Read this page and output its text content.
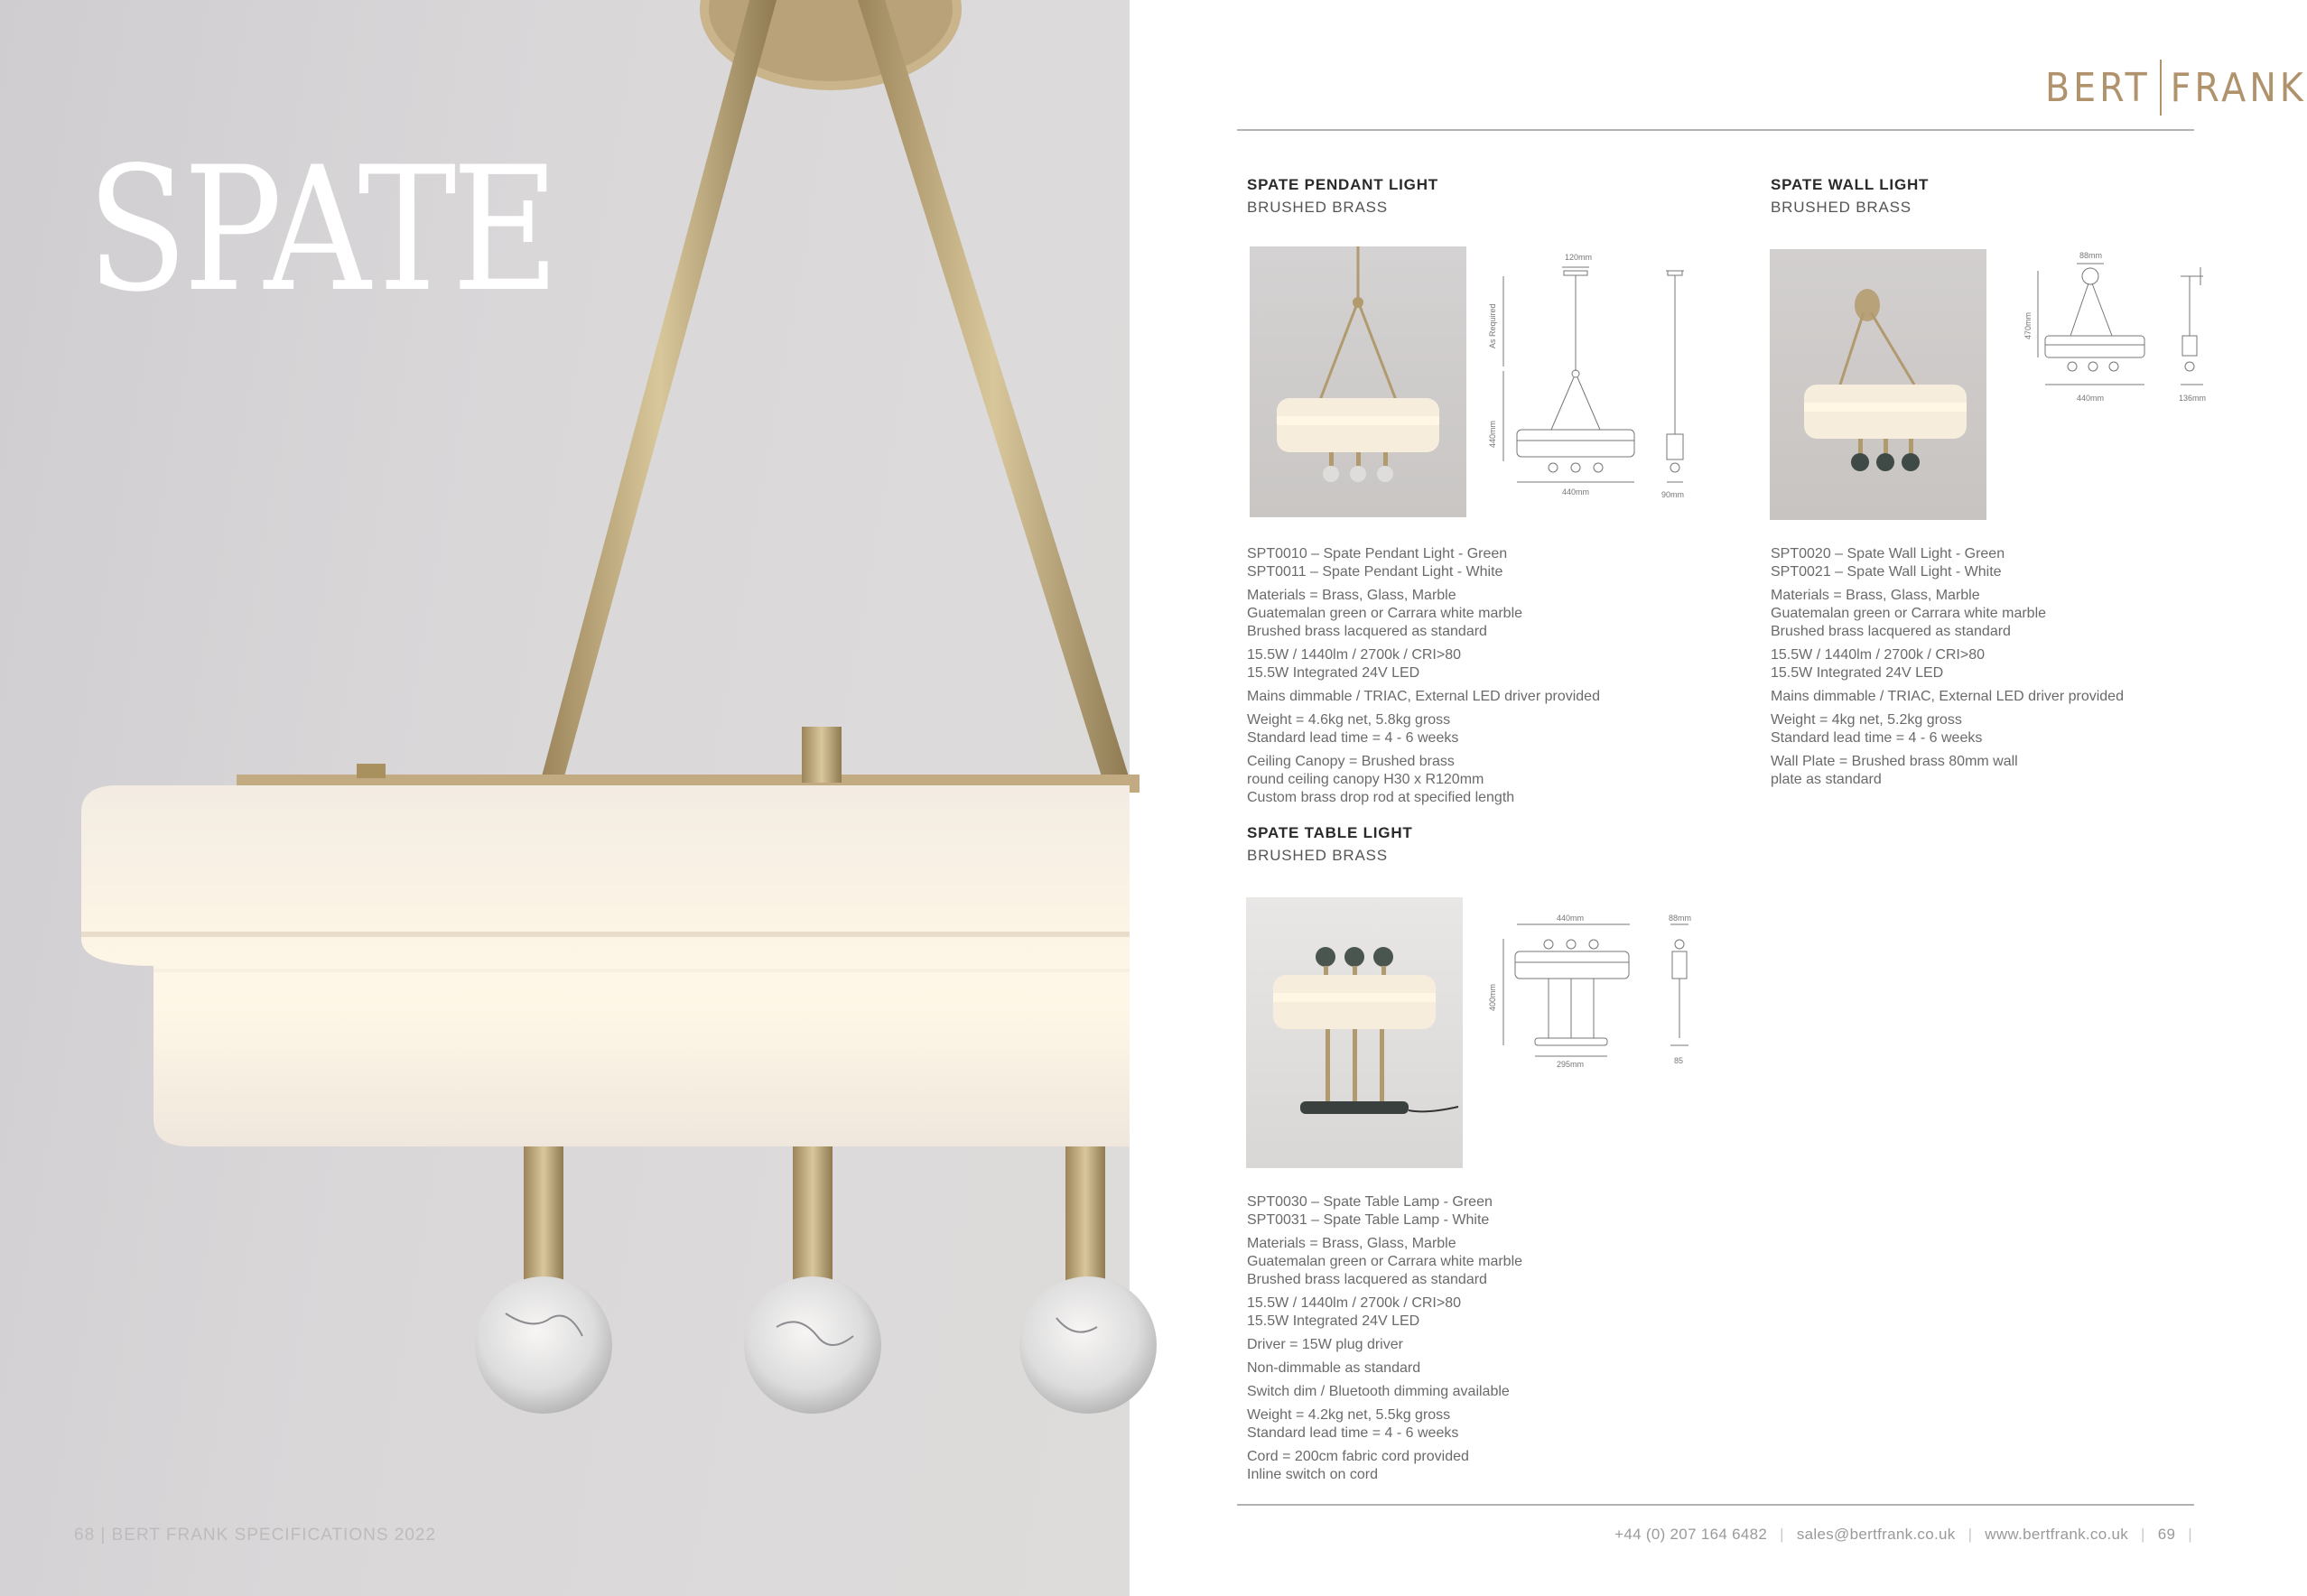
SPATE
68 | BERT FRANK SPECIFICATIONS 2022
BERT FRANK
SPATE PENDANT LIGHT
BRUSHED BRASS
120mm
As Required
440mm
440mm	90mm

SPT0010 – Spate Pendant Light - Green
SPT0011 – Spate Pendant Light - White

Materials = Brass, Glass, Marble
Guatemalan green or Carrara white marble
Brushed brass lacquered as standard

15.5W / 1440lm / 2700k / CRI>80
15.5W Integrated 24V LED

Mains dimmable / TRIAC, External LED driver provided

Weight = 4.6kg net, 5.8kg gross
Standard lead time = 4 - 6 weeks

Ceiling Canopy = Brushed brass
round ceiling canopy H30 x R120mm
Custom brass drop rod at specified length

SPATE WALL LIGHT
BRUSHED BRASS
88mm
470mm
440mm	136mm

SPT0020 – Spate Wall Light - Green
SPT0021 – Spate Wall Light - White

Materials = Brass, Glass, Marble
Guatemalan green or Carrara white marble
Brushed brass lacquered as standard

15.5W / 1440lm / 2700k / CRI>80
15.5W Integrated 24V LED

Mains dimmable / TRIAC, External LED driver provided

Weight = 4kg net, 5.2kg gross
Standard lead time = 4 - 6 weeks

Wall Plate = Brushed brass 80mm wall
plate as standard

SPATE TABLE LIGHT
BRUSHED BRASS
440mm
400mm
295mm
88mm
85

SPT0030 – Spate Table Lamp - Green
SPT0031 – Spate Table Lamp - White

Materials = Brass, Glass, Marble
Guatemalan green or Carrara white marble
Brushed brass lacquered as standard

15.5W / 1440lm / 2700k / CRI>80
15.5W Integrated 24V LED

Driver = 15W plug driver

Non-dimmable as standard

Switch dim / Bluetooth dimming available

Weight = 4.2kg net, 5.5kg gross
Standard lead time = 4 - 6 weeks

Cord = 200cm fabric cord provided
Inline switch on cord

+44 (0) 207 164 6482 | sales@bertfrank.co.uk | www.bertfrank.co.uk | 69 |
